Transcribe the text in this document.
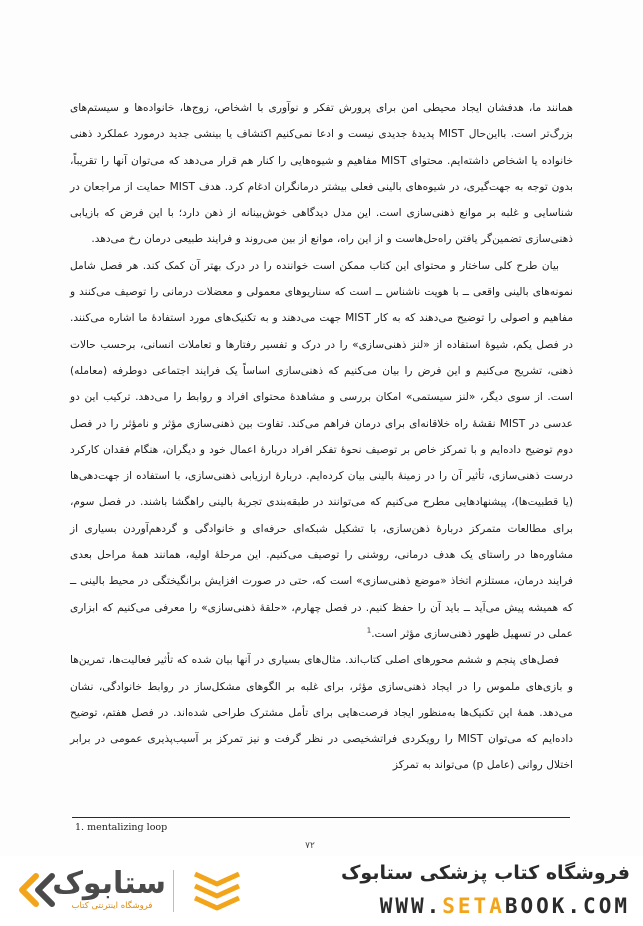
همانند ما، هدفشان ایجاد محیطی امن برای پرورش تفکر و نوآوری با اشخاص، زوج‌ها، خانواده‌ها و سیستم‌های بزرگ‌تر است. بااین‌حال MIST پدیدهٔ جدیدی نیست و ادعا نمی‌کنیم اکتشاف یا بینشی جدید درمورد عملکرد ذهنی خانواده یا اشخاص داشته‌ایم. محتوای MIST مفاهیم و شیوه‌هایی را کنار هم قرار می‌دهد که می‌توان آنها را تقریباً، بدون توجه به جهت‌گیری، در شیوه‌های بالینی فعلی بیشتر درمانگران ادغام کرد. هدف MIST حمایت از مراجعان در شناسایی و غلبه بر موانع ذهنی‌سازی است. این مدل دیدگاهی خوش‌بینانه از ذهن دارد؛ با این فرض که بازیابی ذهنی‌سازی تضمین‌گر یافتن راه‌حل‌هاست و از این راه، موانع از بین می‌روند و فرایند طبیعی درمان رخ می‌دهد.

بیان طرح کلی ساختار و محتوای این کتاب ممکن است خواننده را در درک بهتر آن کمک کند. هر فصل شامل نمونه‌های بالینی واقعی ــ با هویت ناشناس ــ است که سناریوهای معمولی و معضلات درمانی را توصیف می‌کنند و مفاهیم و اصولی را توضیح می‌دهند که به کار MIST جهت می‌دهند و به تکنیک‌های مورد استفادهٔ ما اشاره می‌کنند. در فصل یکم، شیوهٔ استفاده از «لنز ذهنی‌سازی» را در درک و تفسیر رفتارها و تعاملات انسانی، برحسب حالات ذهنی، تشریح می‌کنیم و این فرض را بیان می‌کنیم که ذهنی‌سازی اساساً یک فرایند اجتماعی دوطرفه (معامله) است. از سوی دیگر، «لنز سیستمی» امکان بررسی و مشاهدهٔ محتوای افراد و روابط را می‌دهد. ترکیب این دو عدسی در MIST نقشهٔ راه خلاقانه‌ای برای درمان فراهم می‌کند. تفاوت بین ذهنی‌سازی مؤثر و نامؤثر را در فصل دوم توضیح داده‌ایم و با تمرکز خاص بر توصیف نحوهٔ تفکر افراد دربارهٔ اعمال خود و دیگران، هنگام فقدان کارکرد درست ذهنی‌سازی، تأثیر آن را در زمینهٔ بالینی بیان کرده‌ایم. دربارهٔ ارزیابی ذهنی‌سازی، با استفاده از جهت‌دهی‌ها (یا قطبیت‌ها)، پیشنهادهایی مطرح می‌کنیم که می‌توانند در طبقه‌بندی تجربهٔ بالینی راهگشا باشند. در فصل سوم، برای مطالعات متمرکز دربارهٔ ذهن‌سازی، با تشکیل شبکه‌ای حرفه‌ای و خانوادگی و گردهم‌آوردن بسیاری از مشاوره‌ها در راستای یک هدف درمانی، روشنی را توصیف می‌کنیم. این مرحلهٔ اولیه، همانند همهٔ مراحل بعدی فرایند درمان، مستلزم اتخاذ «موضع ذهنی‌سازی» است که، حتی در صورت افزایش برانگیختگی در محیط بالینی ــ که همیشه پیش می‌آید ــ باید آن را حفظ کنیم. در فصل چهارم، «حلقهٔ ذهنی‌سازی» را معرفی می‌کنیم که ابزاری عملی در تسهیل ظهور ذهنی‌سازی مؤثر است.$^1$

فصل‌های پنجم و ششم محورهای اصلی کتاب‌اند. مثال‌های بسیاری در آنها بیان شده که تأثیر فعالیت‌ها، تمرین‌ها و بازی‌های ملموس را در ایجاد ذهنی‌سازی مؤثر، برای غلبه بر الگوهای مشکل‌ساز در روابط خانوادگی، نشان می‌دهد. همهٔ این تکنیک‌ها به‌منظور ایجاد فرصت‌هایی برای تأمل مشترک طراحی شده‌اند. در فصل هفتم، توضیح داده‌ایم که می‌توان MIST را رویکردی فراتشخیصی در نظر گرفت و نیز تمرکز بر آسیب‌پذیری عمومی در برابر اختلال روانی (عامل p) می‌تواند به تمرکز

1. mentalizing loop
۷۲
ستابوک
فروشگاه اینترنتی کتاب
فروشگاه کتاب پزشکی ستابوک
WWW.SETABOOK.COM
